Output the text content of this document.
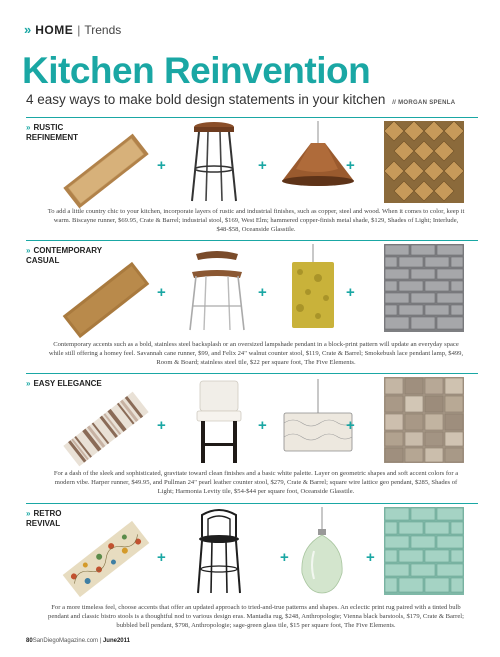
» HOME | Trends
Kitchen Reinvention
4 easy ways to make bold design statements in your kitchen // MORGAN SPENLA
» RUSTIC
REFINEMENT
+	+	+
To add a little country chic to your kitchen, incorporate layers of rustic and industrial finishes, such as copper, steel and wood. When it comes to color, keep it warm. Biscayne runner, $69.95, Crate & Barrel; industrial stool, $169, West Elm; hammered copper-finish metal shade, $129, Shades of Light; Interlude, $48-$58, Oceanside Glasstile.
» CONTEMPORARY
CASUAL
+	+	+
Contemporary accents such as a bold, stainless steel backsplash or an oversized lampshade pendant in a block-print pattern will update an everyday space while still offering a homey feel. Savannah cane runner, $99, and Felix 24" walnut counter stool, $119, Crate & Barrel; Smokebush lace pendant lamp, $499, Room & Board; stainless steel tile, $22 per square foot, The Five Elements.
» EASY ELEGANCE
+	+	+
For a dash of the sleek and sophisticated, gravitate toward clean finishes and a basic white palette. Layer on geometric shapes and soft accent colors for a modern vibe. Harper runner, $49.95, and Pullman 24" pearl leather counter stool, $279, Crate & Barrel; square wire lattice geo pendant, $285, Shades of Light; Harmonia Levity tile, $54-$44 per square foot, Oceanside Glasstile.
» RETRO
REVIVAL
+	+	+
For a more timeless feel, choose accents that offer an updated approach to tried-and-true patterns and shapes. An eclectic print rug paired with a tinted bulb pendant and classic bistro stools is a thoughtful nod to various design eras. Mantadia rug, $248, Anthropologie; Vienna black barstools, $179, Crate & Barrel; bubbled bell pendant, $798, Anthropologie; sage-green glass tile, $15 per square foot, The Five Elements.
80SanDiegoMagazine.com | June2011
